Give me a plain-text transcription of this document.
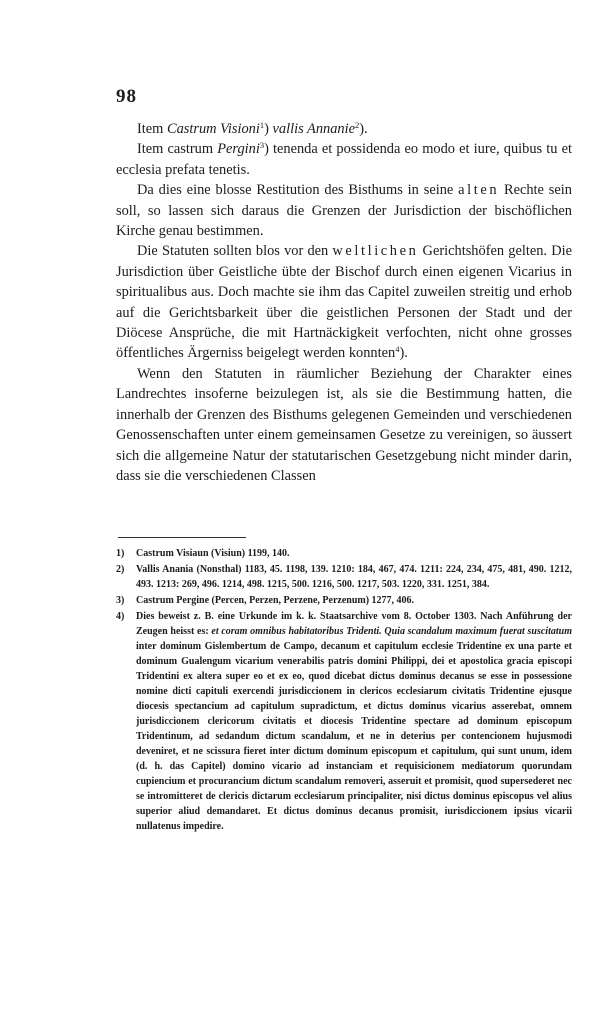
98

Item Castrum Visioni$^1$) vallis Annanie$^2$).

Item castrum Pergini$^3$) tenenda et possidenda eo modo et iure, quibus tu et ecclesia prefata tenetis.

Da dies eine blosse Restitution des Bisthums in seine alten Rechte sein soll, so lassen sich daraus die Grenzen der Jurisdiction der bischöflichen Kirche genau bestimmen.

Die Statuten sollten blos vor den weltlichen Gerichtshöfen gelten. Die Jurisdiction über Geistliche übte der Bischof durch einen eigenen Vicarius in spiritualibus aus. Doch machte sie ihm das Capitel zuweilen streitig und erhob auf die Gerichtsbarkeit über die geistlichen Personen der Stadt und der Diöcese Ansprüche, die mit Hartnäckigkeit verfochten, nicht ohne grosses öffentliches Ärgerniss beigelegt werden konnten$^4$).

Wenn den Statuten in räumlicher Beziehung der Charakter eines Landrechtes insoferne beizulegen ist, als sie die Bestimmung hatten, die innerhalb der Grenzen des Bisthums gelegenen Gemeinden und verschiedenen Genossenschaften unter einem gemeinsamen Gesetze zu vereinigen, so äussert sich die allgemeine Natur der statutarischen Gesetzgebung nicht minder darin, dass sie die verschiedenen Classen

1)	Castrum Visiaun (Visiun) 1199, 140.
2)	Vallis Anania (Nonsthal) 1183, 45. 1198, 139. 1210: 184, 467, 474. 1211: 224, 234, 475, 481, 490. 1212, 493. 1213: 269, 496. 1214, 498. 1215, 500. 1216, 500. 1217, 503. 1220, 331. 1251, 384.
3)	Castrum Pergine (Percen, Perzen, Perzene, Perzenum) 1277, 406.
4)	Dies beweist z. B. eine Urkunde im k. k. Staatsarchive vom 8. October 1303. Nach Anführung der Zeugen heisst es: et coram omnibus habitatoribus Tridenti. Quia scandalum maximum fuerat suscitatum inter dominum Gislembertum de Campo, decanum et capitulum ecclesie Tridentine ex una parte et dominum Gualengum vicarium venerabilis patris domini Philippi, dei et apostolica gracia episcopi Tridentini ex altera super eo et ex eo, quod dicebat dictus dominus decanus se esse in possessione nomine dicti capituli exercendi jurisdiccionem in clericos ecclesiarum civitatis Tridentine ejusque diocesis spectancium ad capitulum supradictum, et dictus dominus vicarius asserebat, omnem jurisdiccionem clericorum civitatis et diocesis Tridentine spectare ad dominum episcopum Tridentinum, ad sedandum dictum scandalum, et ne in deterius per contencionem hujusmodi deveniret, et ne scissura fieret inter dictum dominum episcopum et capitulum, qui sunt unum, idem (d. h. das Capitel) domino vicario ad instanciam et requisicionem mediatorum quorundam cupiencium et procurancium dictum scandalum removeri, asseruit et promisit, quod supersederet nec se intromitteret de clericis dictarum ecclesiarum principaliter, nisi dictus dominus episcopus vel alius superior aliud demandaret. Et dictus dominus decanus promisit, iurisdiccionem ipsius vicarii nullatenus impedire.
